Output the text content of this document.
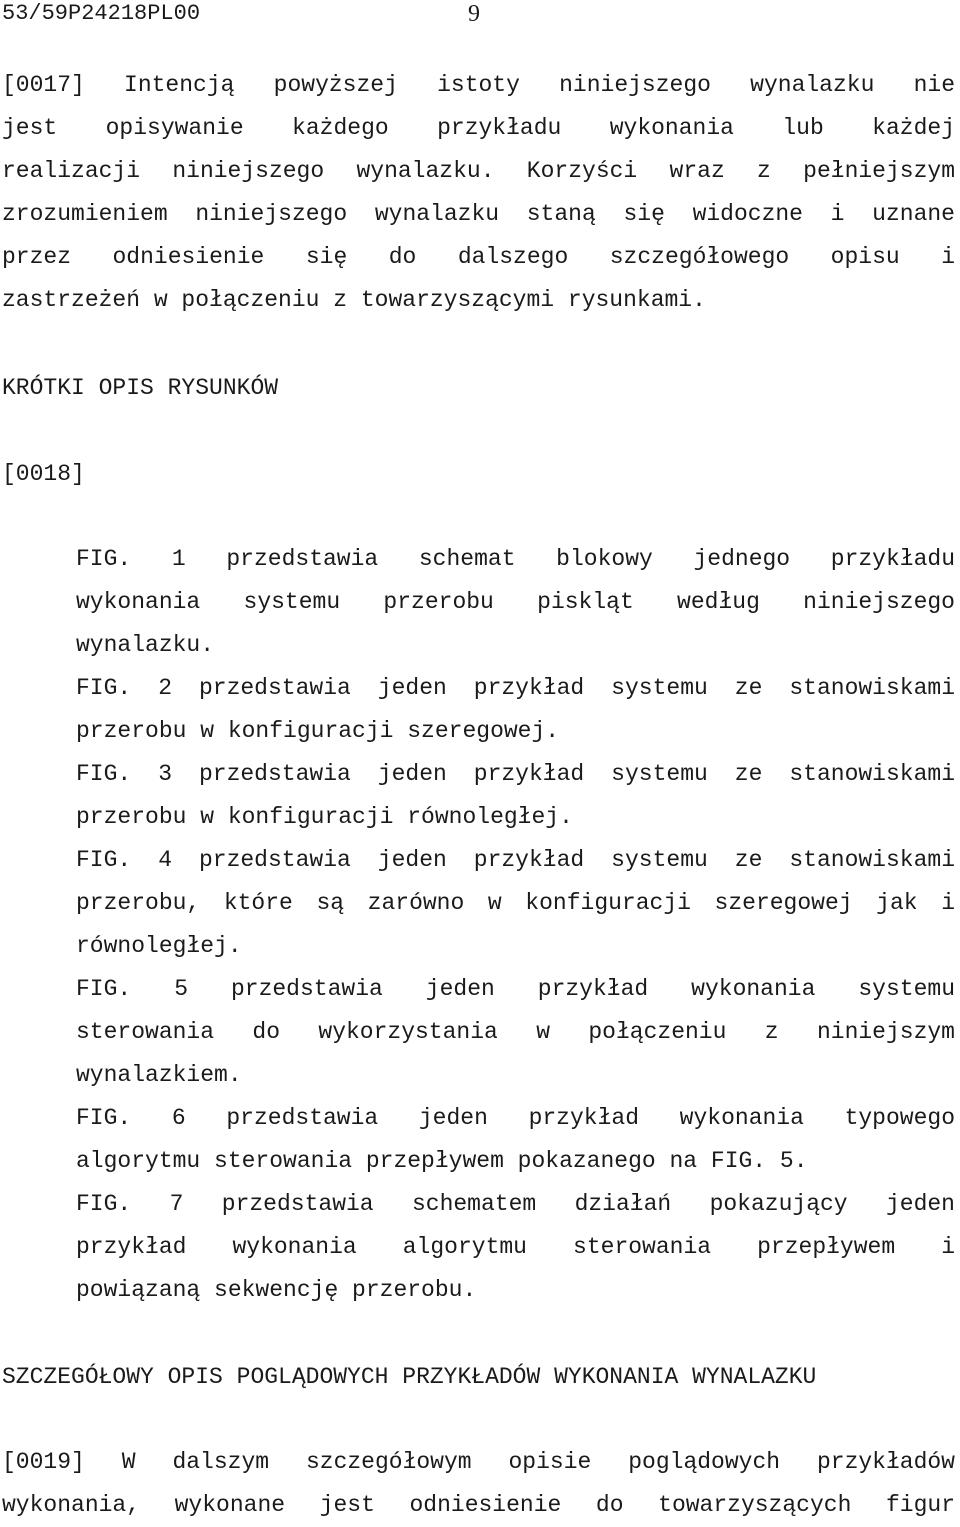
53/59P24218PL00	9
[0017] Intencją powyższej istoty niniejszego wynalazku nie
jest opisywanie każdego przykładu wykonania lub każdej
realizacji niniejszego wynalazku. Korzyści wraz z pełniejszym
zrozumieniem niniejszego wynalazku staną się widoczne i uznane
przez odniesienie się do dalszego szczegółowego opisu i
zastrzeżeń w połączeniu z towarzyszącymi rysunkami.
KRÓTKI OPIS RYSUNKÓW
[0018]
FIG. 1 przedstawia schemat blokowy jednego przykładu
wykonania systemu przerobu piskląt według niniejszego
wynalazku.
FIG. 2 przedstawia jeden przykład systemu ze stanowiskami
przerobu w konfiguracji szeregowej.
FIG. 3 przedstawia jeden przykład systemu ze stanowiskami
przerobu w konfiguracji równoległej.
FIG. 4 przedstawia jeden przykład systemu ze stanowiskami
przerobu, które są zarówno w konfiguracji szeregowej jak i
równoległej.
FIG. 5 przedstawia jeden przykład wykonania systemu
sterowania do wykorzystania w połączeniu z niniejszym
wynalazkiem.
FIG. 6 przedstawia jeden przykład wykonania typowego
algorytmu sterowania przepływem pokazanego na FIG. 5.
FIG. 7 przedstawia schematem działań pokazujący jeden
przykład wykonania algorytmu sterowania przepływem i
powiązaną sekwencję przerobu.
SZCZEGÓŁOWY OPIS POGLĄDOWYCH PRZYKŁADÓW WYKONANIA WYNALAZKU
[0019] W dalszym szczegółowym opisie poglądowych przykładów
wykonania, wykonane jest odniesienie do towarzyszących figur
